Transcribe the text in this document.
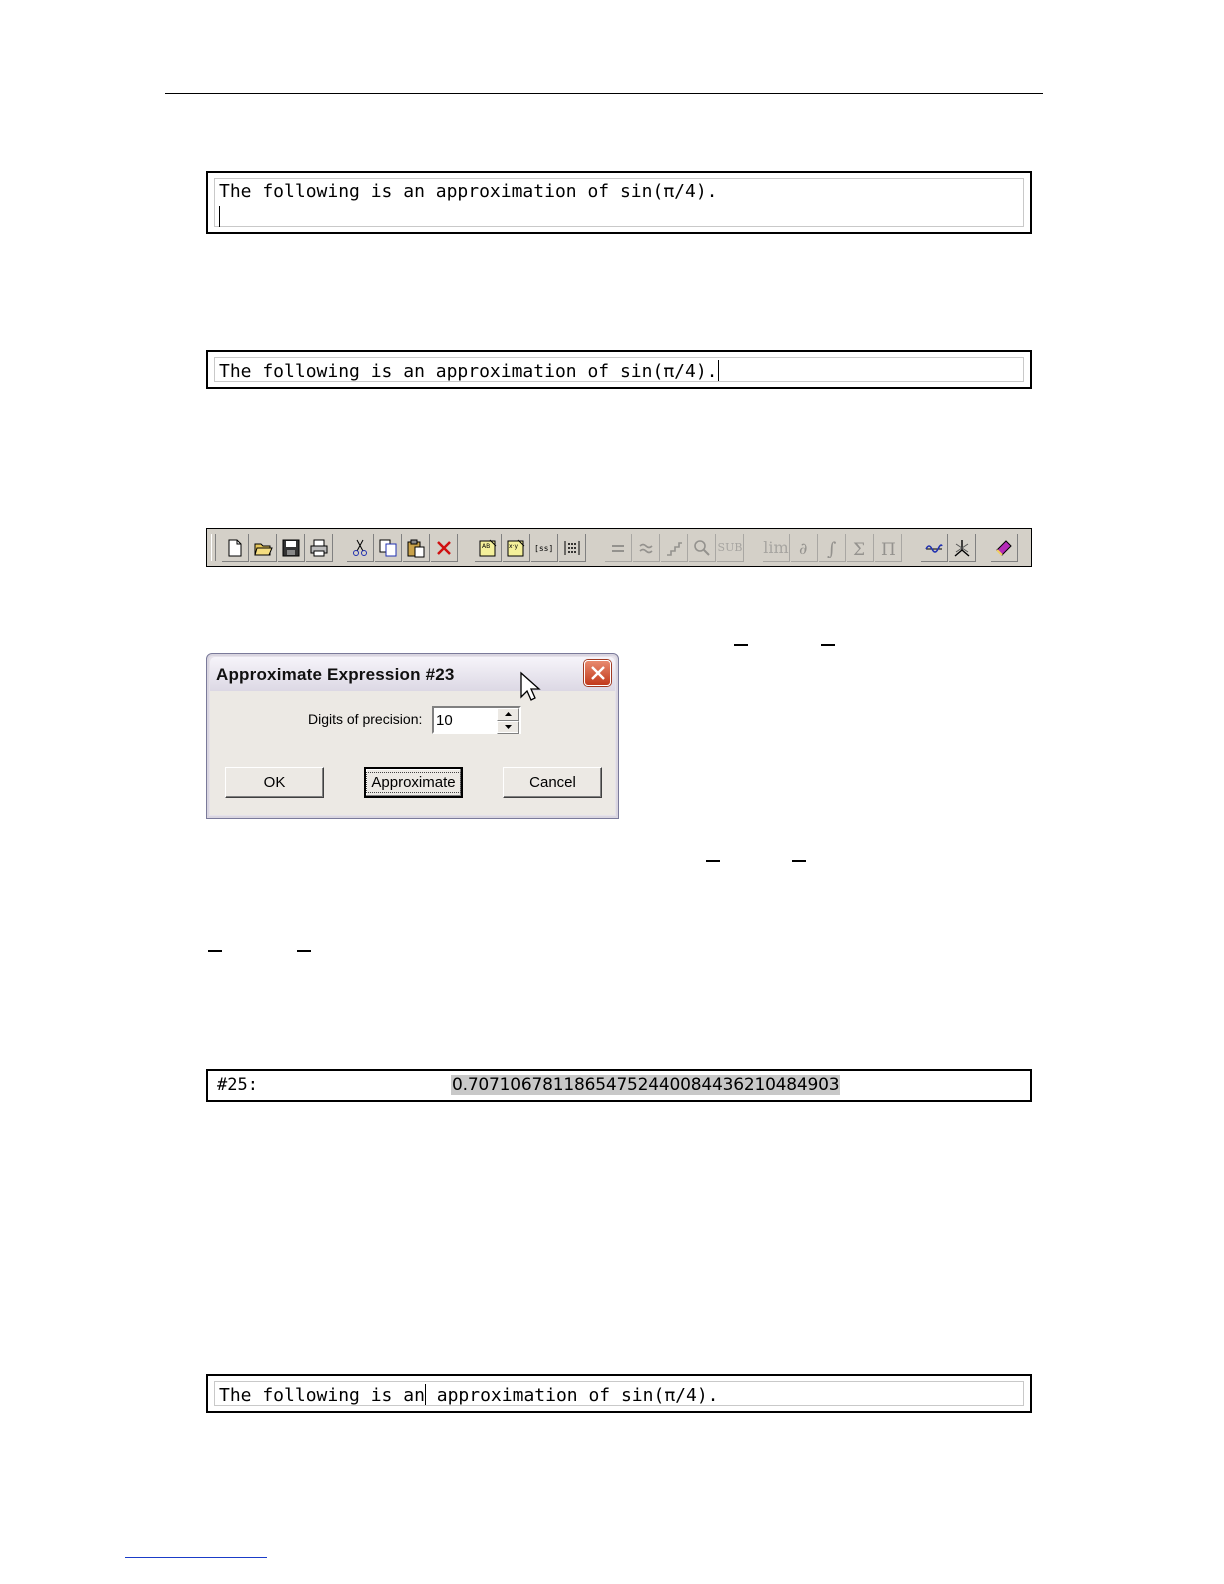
The following is an approximation of sin(π/4).
The following is an approximation of sin(π/4).
AB	x·y [ss]	SUB lim ∂ ∫ Σ Π
Approximate Expression #23
Digits of precision:
10
OK	Approximate	Cancel
#25:	0.70710678118654752440084436210484903
The following is an approximation of sin(π/4).
